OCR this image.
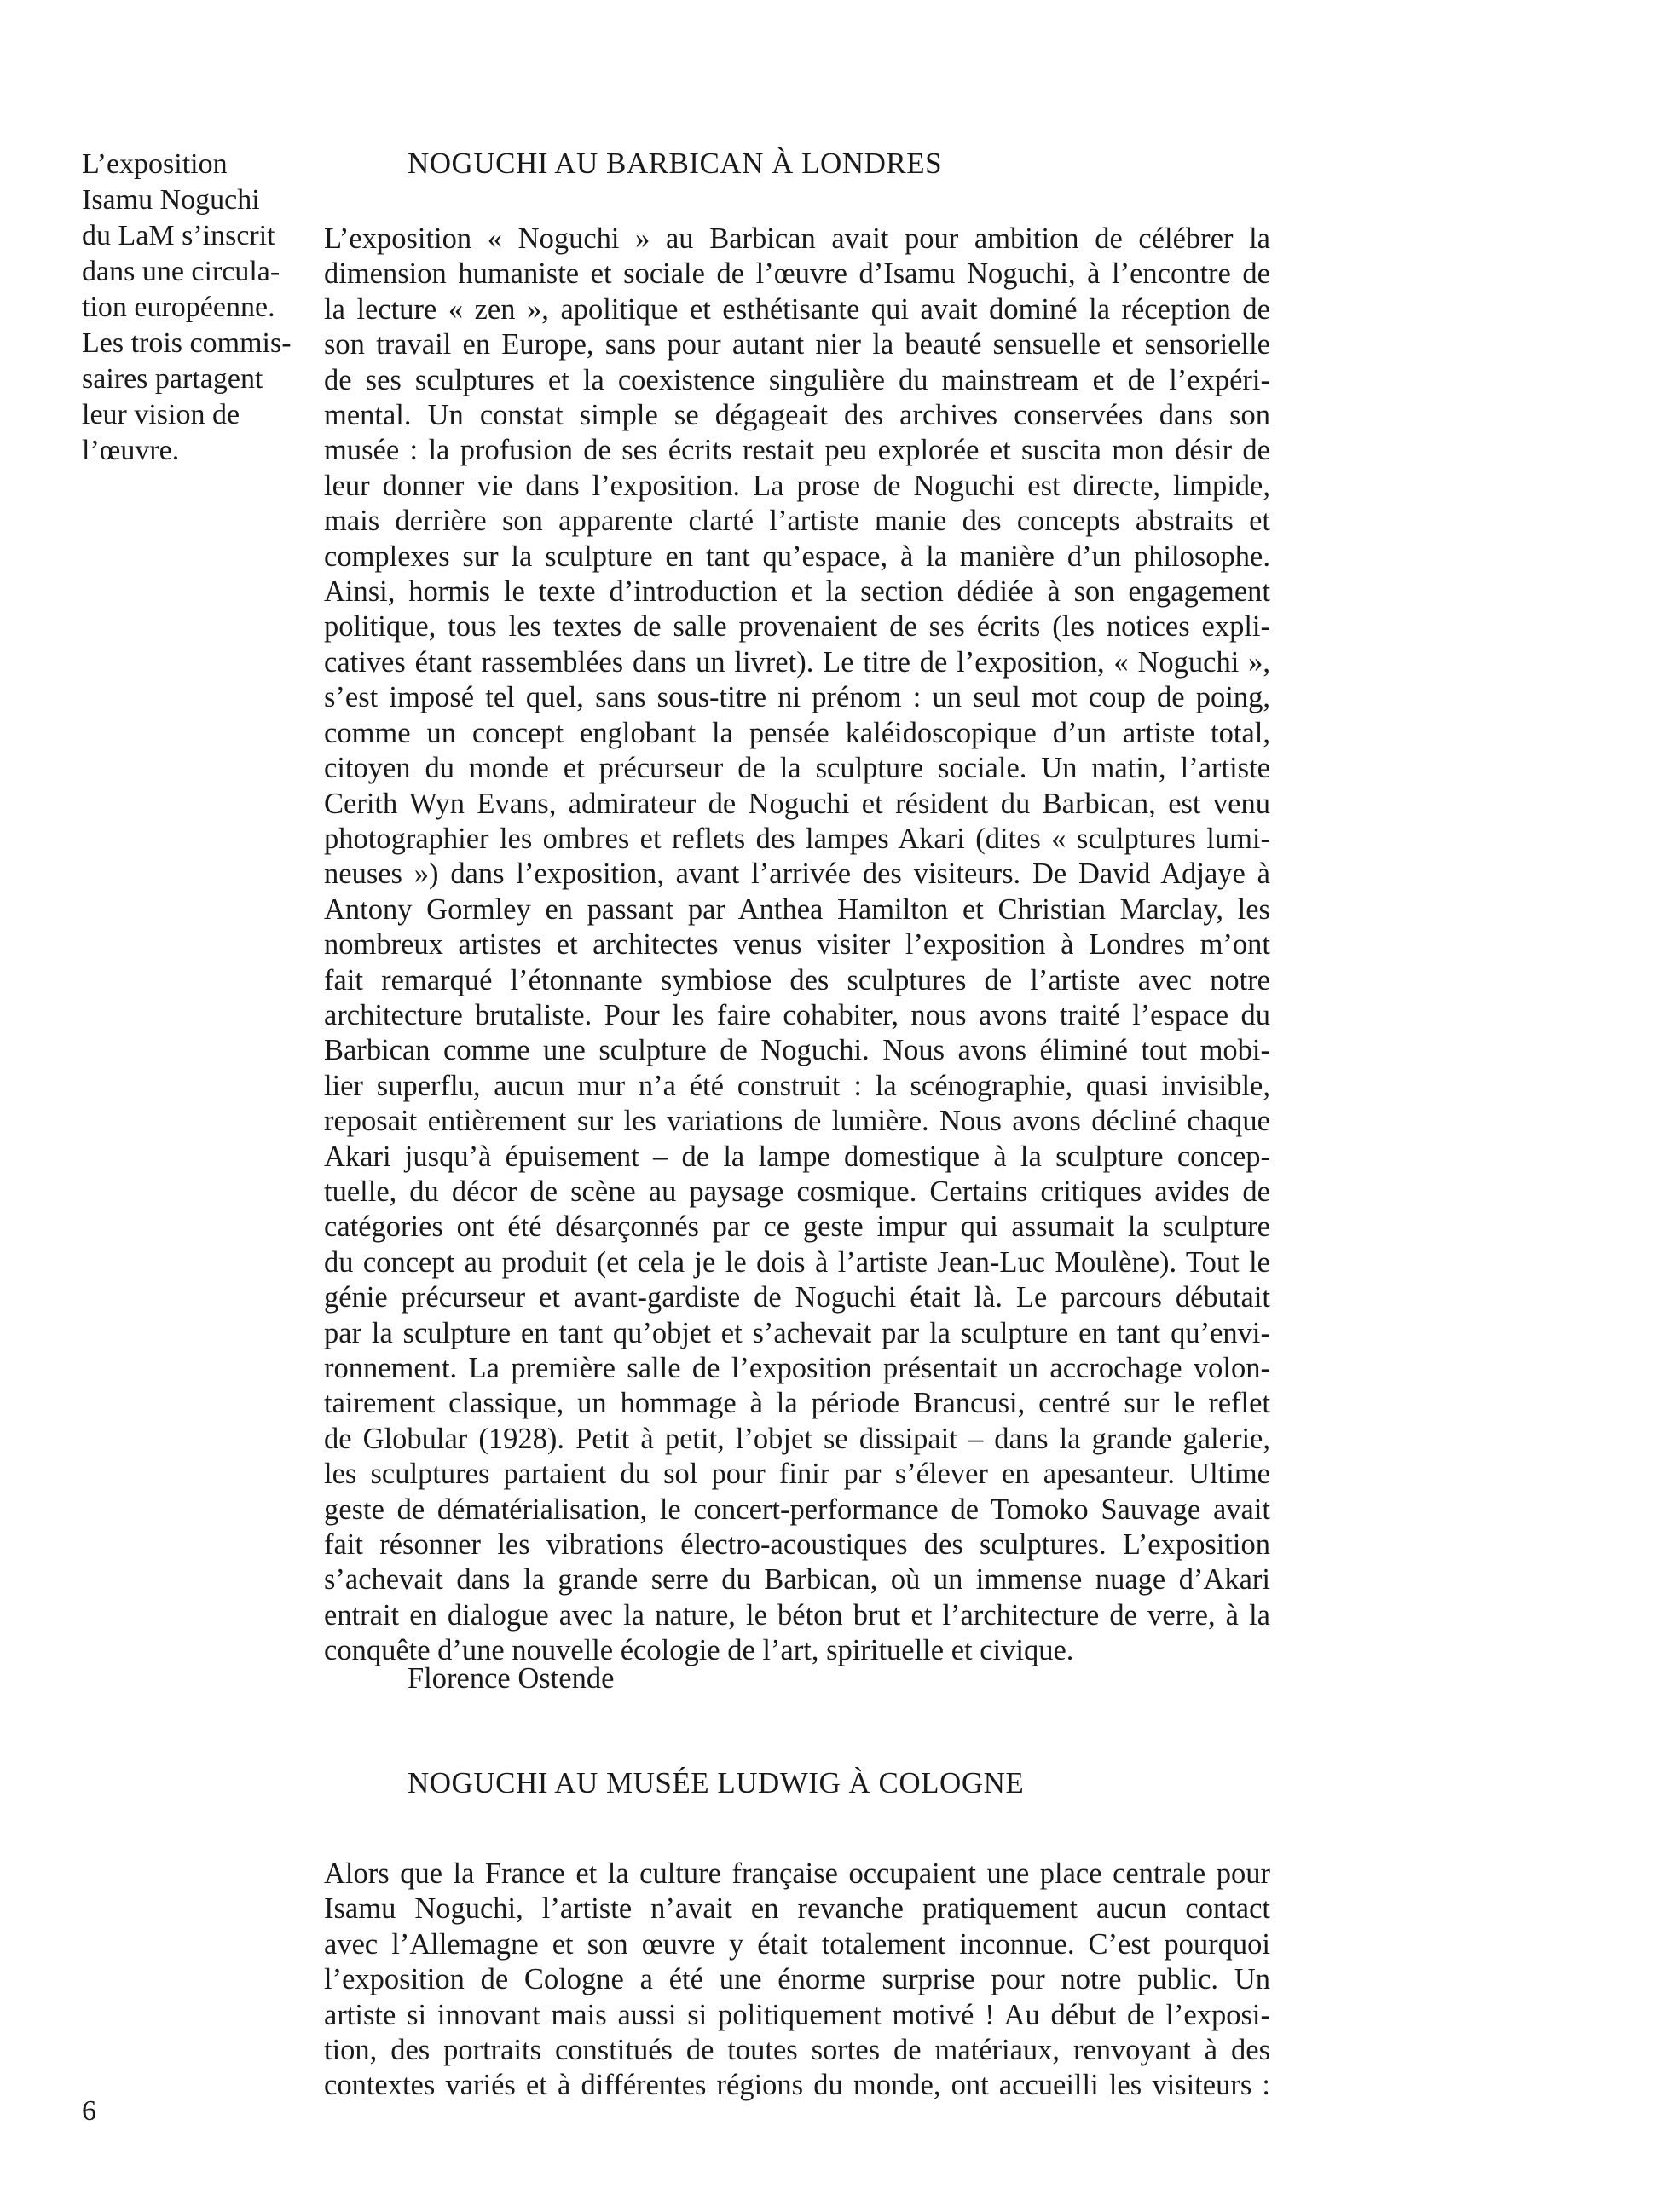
L’exposition
Isamu Noguchi
du LaM s’inscrit
dans une circula-
tion européenne.
Les trois commis-
saires partagent
leur vision de
l’œuvre.
NOGUCHI AU BARBICAN À LONDRES
L’exposition « Noguchi » au Barbican avait pour ambition de célébrer la
dimension humaniste et sociale de l’œuvre d’Isamu Noguchi, à l’encontre de
la lecture « zen », apolitique et esthétisante qui avait dominé la réception de
son travail en Europe, sans pour autant nier la beauté sensuelle et sensorielle
de ses sculptures et la coexistence singulière du mainstream et de l’expéri-
mental. Un constat simple se dégageait des archives conservées dans son
musée : la profusion de ses écrits restait peu explorée et suscita mon désir de
leur donner vie dans l’exposition. La prose de Noguchi est directe, limpide,
mais derrière son apparente clarté l’artiste manie des concepts abstraits et
complexes sur la sculpture en tant qu’espace, à la manière d’un philosophe.
Ainsi, hormis le texte d’introduction et la section dédiée à son engagement
politique, tous les textes de salle provenaient de ses écrits (les notices expli-
catives étant rassemblées dans un livret). Le titre de l’exposition, « Noguchi »,
s’est imposé tel quel, sans sous-titre ni prénom : un seul mot coup de poing,
comme un concept englobant la pensée kaléidoscopique d’un artiste total,
citoyen du monde et précurseur de la sculpture sociale. Un matin, l’artiste
Cerith Wyn Evans, admirateur de Noguchi et résident du Barbican, est venu
photographier les ombres et reflets des lampes Akari (dites « sculptures lumi-
neuses ») dans l’exposition, avant l’arrivée des visiteurs. De David Adjaye à
Antony Gormley en passant par Anthea Hamilton et Christian Marclay, les
nombreux artistes et architectes venus visiter l’exposition à Londres m’ont
fait remarqué l’étonnante symbiose des sculptures de l’artiste avec notre
architecture brutaliste. Pour les faire cohabiter, nous avons traité l’espace du
Barbican comme une sculpture de Noguchi. Nous avons éliminé tout mobi-
lier superflu, aucun mur n’a été construit : la scénographie, quasi invisible,
reposait entièrement sur les variations de lumière. Nous avons décliné chaque
Akari jusqu’à épuisement – de la lampe domestique à la sculpture concep-
tuelle, du décor de scène au paysage cosmique. Certains critiques avides de
catégories ont été désarçonnés par ce geste impur qui assumait la sculpture
du concept au produit (et cela je le dois à l’artiste Jean-Luc Moulène). Tout le
génie précurseur et avant-gardiste de Noguchi était là. Le parcours débutait
par la sculpture en tant qu’objet et s’achevait par la sculpture en tant qu’envi-
ronnement. La première salle de l’exposition présentait un accrochage volon-
tairement classique, un hommage à la période Brancusi, centré sur le reflet
de Globular (1928). Petit à petit, l’objet se dissipait – dans la grande galerie,
les sculptures partaient du sol pour finir par s’élever en apesanteur. Ultime
geste de dématérialisation, le concert-performance de Tomoko Sauvage avait
fait résonner les vibrations électro-acoustiques des sculptures. L’exposition
s’achevait dans la grande serre du Barbican, où un immense nuage d’Akari
entrait en dialogue avec la nature, le béton brut et l’architecture de verre, à la
conquête d’une nouvelle écologie de l’art, spirituelle et civique.

Florence Ostende

NOGUCHI AU MUSÉE LUDWIG À COLOGNE
Alors que la France et la culture française occupaient une place centrale pour
Isamu Noguchi, l’artiste n’avait en revanche pratiquement aucun contact
avec l’Allemagne et son œuvre y était totalement inconnue. C’est pourquoi
l’exposition de Cologne a été une énorme surprise pour notre public. Un
artiste si innovant mais aussi si politiquement motivé ! Au début de l’exposi-
tion, des portraits constitués de toutes sortes de matériaux, renvoyant à des
contextes variés et à différentes régions du monde, ont accueilli les visiteurs :

6
